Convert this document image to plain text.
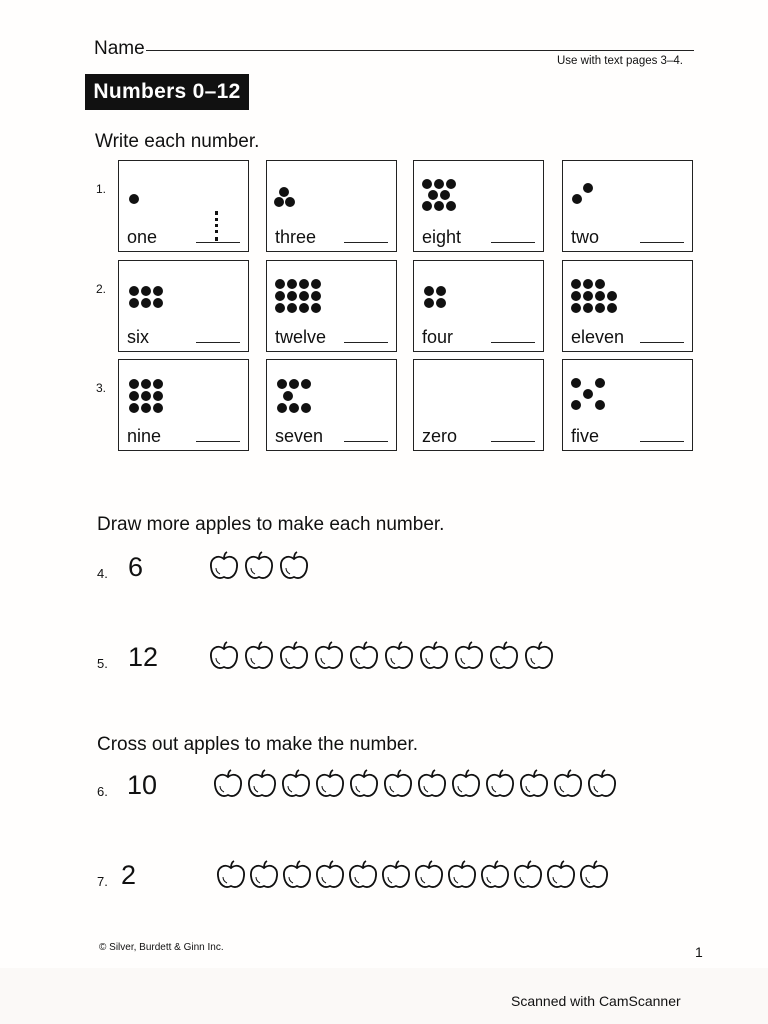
Name
Use with text pages 3–4.
Numbers 0–12
Write each number.
1.
2.
3.
one	three	eight	two
six	twelve	four	eleven
nine	seven	zero	five
Draw more apples to make each number.
4. 6
5. 12
Cross out apples to make the number.
6. 10
7. 2
© Silver, Burdett & Ginn Inc.	1
Scanned with CamScanner
